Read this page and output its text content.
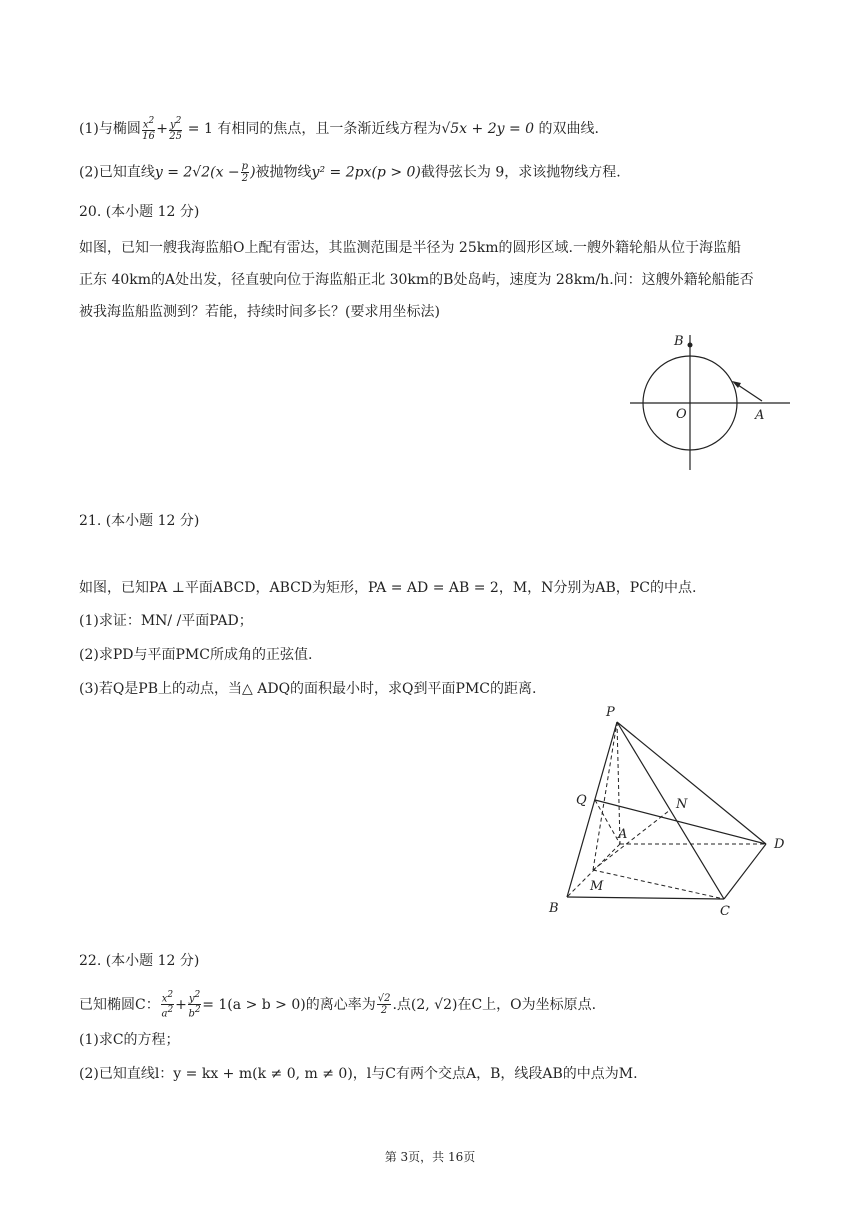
(1)与椭圆 $\frac{x^2}{16} + \frac{y^2}{25} = 1$ 有相同的焦点，且一条渐近线方程为√5x + 2y = 0 的双曲线.
(2)已知直线$y = 2√2(x - \frac{p}{2}$ )被抛物线y² = 2px(p > 0)截得弦长为 9，求该抛物线方程.
20. (本小题 12 分)
如图，已知一艘我海监船O上配有雷达，其监测范围是半径为 25km的圆形区域.一艘外籍轮船从位于海监船
正东 40km的A处出发，径直驶向位于海监船正北 30km的B处岛屿，速度为 28km/h.问：这艘外籍轮船能否
被我海监船监测到？若能，持续时间多长？(要求用坐标法)
B
O	A
21. (本小题 12 分)
如图，已知PA ⊥平面ABCD，ABCD为矩形，PA = AD = AB = 2，M，N分别为AB，PC的中点.
(1)求证：MN/ /平面PAD；
(2)求PD与平面PMC所成角的正弦值.
(3)若Q是PB上的动点，当△ ADQ的面积最小时，求Q到平面PMC的距离.
P
Q	N
A
D
M
B	C
22. (本小题 12 分)
已知椭圆C： $\frac{x^2}{a^2} + \frac{y^2}{b^2} = 1(a > b > 0)$的离心率为 $\frac{√2}{2}$ .点(2, √2)在C上，O为坐标原点.
(1)求C的方程；
(2)已知直线l：y = kx + m(k ≠ 0, m ≠ 0)，l与C有两个交点A，B，线段AB的中点为M.
第 3页，共 16页
